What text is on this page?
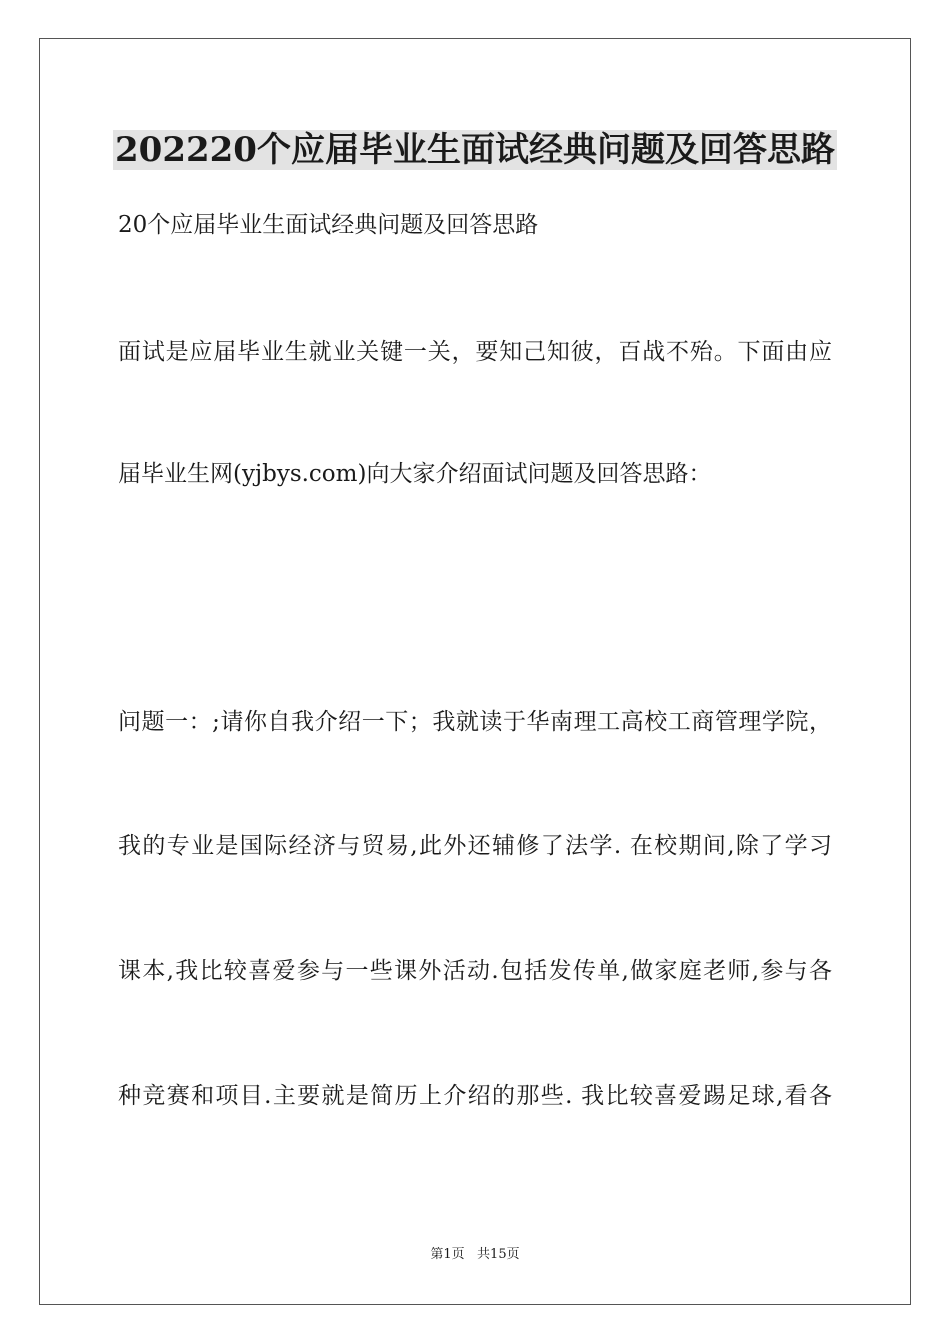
202220个应届毕业生面试经典问题及回答思路
20个应届毕业生面试经典问题及回答思路
面试是应届毕业生就业关键一关，要知己知彼，百战不殆。下面由应
届毕业生网(yjbys.com)向大家介绍面试问题及回答思路：
问题一：;请你自我介绍一下；我就读于华南理工高校工商管理学院，
我的专业是国际经济与贸易,此外还辅修了法学. 在校期间,除了学习
课本,我比较喜爱参与一些课外活动.包括发传单,做家庭老师,参与各
种竞赛和项目.主要就是简历上介绍的那些. 我比较喜爱踢足球,看各
第1页   共15页
